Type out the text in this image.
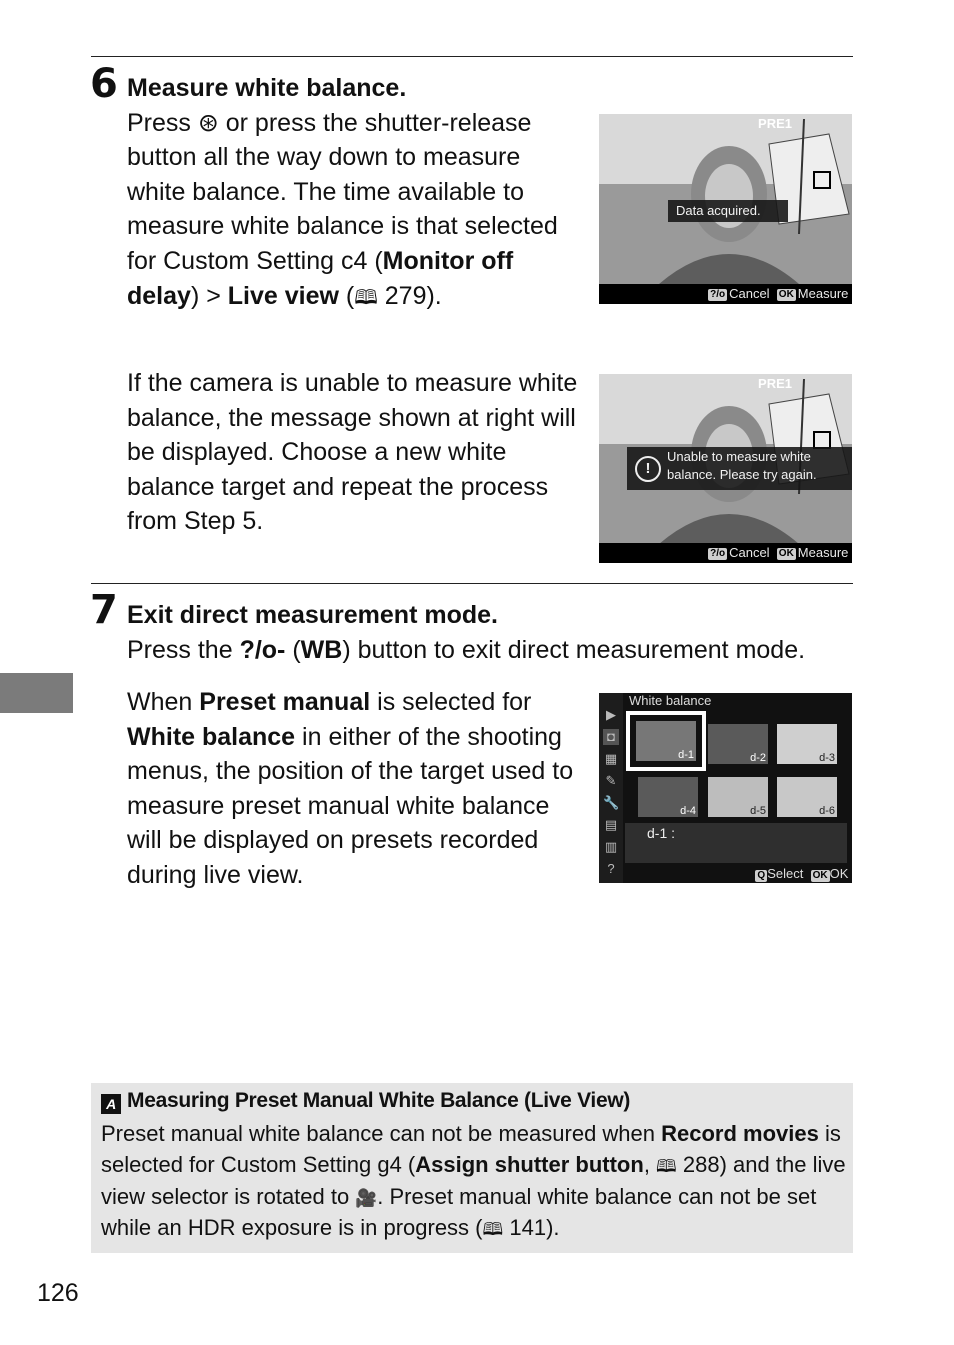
6 Measure white balance.
Press ⊛ or press the shutter-release button all the way down to measure white balance. The time available to measure white balance is that selected for Custom Setting c4 (Monitor off delay) > Live view (🕮 279).
If the camera is unable to measure white balance, the message shown at right will be displayed. Choose a new white balance target and repeat the process from Step 5.
PRE1
Data acquired.
?/o Cancel OK Measure
PRE1
!
Unable to measure white
balance. Please try again.
?/o Cancel OK Measure
7 Exit direct measurement mode.
Press the ?/o- (WB) button to exit direct measurement mode.
When Preset manual is selected for White balance in either of the shooting menus, the position of the target used to measure preset manual white balance will be displayed on presets recorded during live view.
▶
◘
▦
✎
🔧
▤
▥
?
White balance
d-1	d-2	d-3
d-4	d-5	d-6
d-1 :
Q Select OK OK
A Measuring Preset Manual White Balance (Live View)
Preset manual white balance can not be measured when Record movies is selected for Custom Setting g4 (Assign shutter button, 🕮 288) and the live view selector is rotated to 🎥. Preset manual white balance can not be set while an HDR exposure is in progress (🕮 141).
126
